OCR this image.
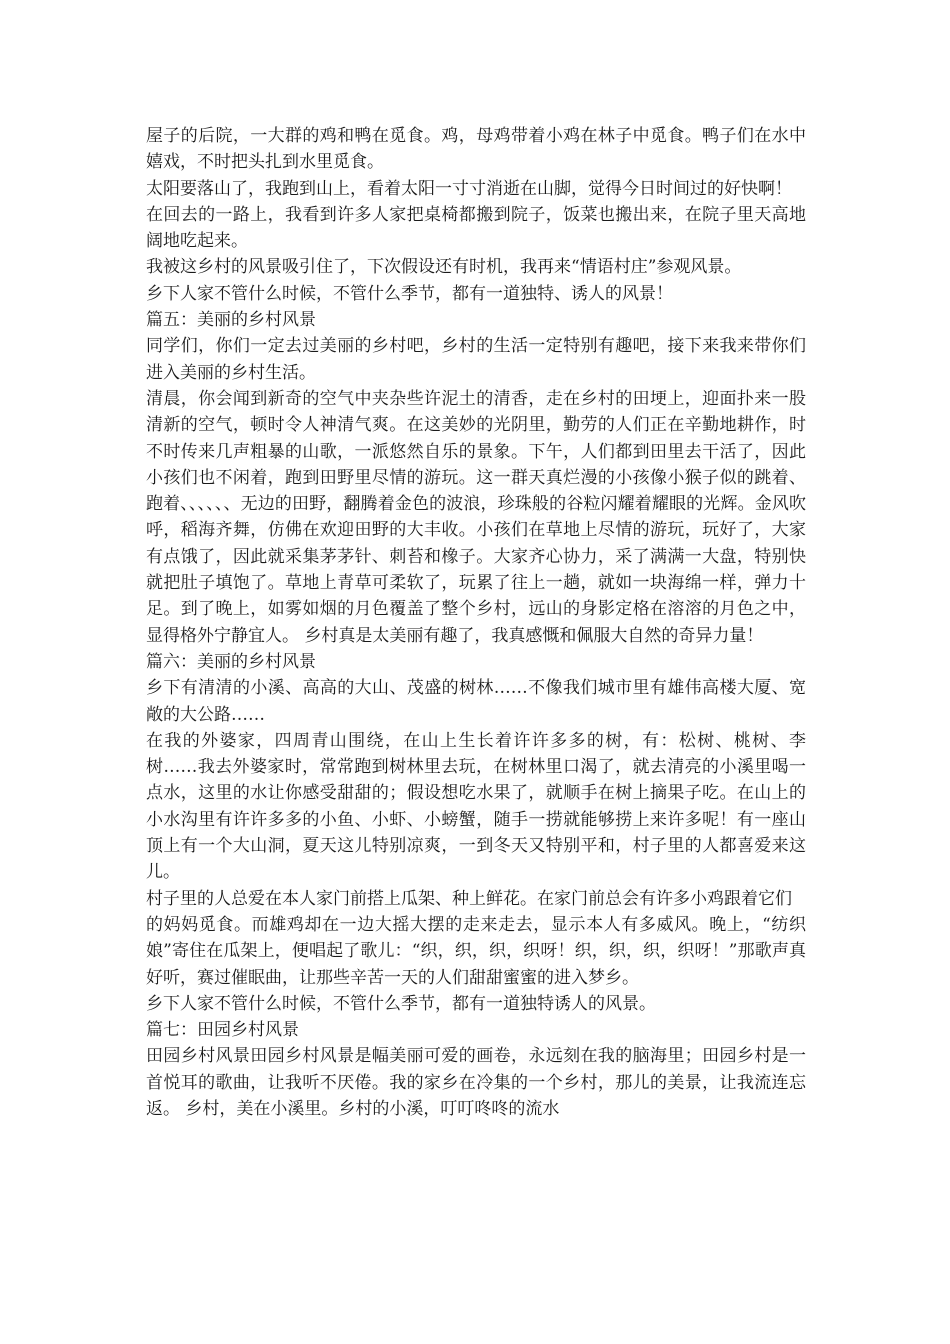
屋子的后院，一大群的鸡和鸭在觅食。鸡，母鸡带着小鸡在林子中觅食。鸭子们在水中嬉戏，不时把头扎到水里觅食。

太阳要落山了，我跑到山上，看着太阳一寸寸消逝在山脚，觉得今日时间过的好快啊！

在回去的一路上，我看到许多人家把桌椅都搬到院子，饭菜也搬出来，在院子里天高地阔地吃起来。

我被这乡村的风景吸引住了，下次假设还有时机，我再来“情语村庄”参观风景。

乡下人家不管什么时候，不管什么季节，都有一道独特、诱人的风景！

篇五：美丽的乡村风景

同学们，你们一定去过美丽的乡村吧，乡村的生活一定特别有趣吧，接下来我来带你们进入美丽的乡村生活。

清晨，你会闻到新奇的空气中夹杂些许泥土的清香，走在乡村的田埂上，迎面扑来一股清新的空气，顿时令人神清气爽。在这美妙的光阴里，勤劳的人们正在辛勤地耕作，时不时传来几声粗暴的山歌，一派悠然自乐的景象。下午，人们都到田里去干活了，因此小孩们也不闲着，跑到田野里尽情的游玩。这一群天真烂漫的小孩像小猴子似的跳着、跑着、、、、、、无边的田野，翻腾着金色的波浪，珍珠般的谷粒闪耀着耀眼的光辉。金风吹呼，稻海齐舞，仿佛在欢迎田野的大丰收。小孩们在草地上尽情的游玩，玩好了，大家有点饿了，因此就采集茅茅针、刺苔和橡子。大家齐心协力，采了满满一大盘，特别快就把肚子填饱了。草地上青草可柔软了，玩累了往上一趟，就如一块海绵一样，弹力十足。到了晚上，如雾如烟的月色覆盖了整个乡村，远山的身影定格在溶溶的月色之中，显得格外宁静宜人。 乡村真是太美丽有趣了，我真感慨和佩服大自然的奇异力量！

篇六：美丽的乡村风景

乡下有清清的小溪、高高的大山、茂盛的树林……不像我们城市里有雄伟高楼大厦、宽敞的大公路……

在我的外婆家，四周青山围绕，在山上生长着许许多多的树，有：松树、桃树、李树……我去外婆家时，常常跑到树林里去玩，在树林里口渴了，就去清亮的小溪里喝一点水，这里的水让你感受甜甜的；假设想吃水果了，就顺手在树上摘果子吃。在山上的小水沟里有许许多多的小鱼、小虾、小螃蟹，随手一捞就能够捞上来许多呢！有一座山顶上有一个大山洞，夏天这儿特别凉爽，一到冬天又特别平和，村子里的人都喜爱来这儿。

村子里的人总爱在本人家门前搭上瓜架、种上鲜花。在家门前总会有许多小鸡跟着它们

的妈妈觅食。而雄鸡却在一边大摇大摆的走来走去，显示本人有多威风。晚上，“纺织娘”寄住在瓜架上，便唱起了歌儿：“织，织，织，织呀！织，织，织，织呀！”那歌声真好听，赛过催眠曲，让那些辛苦一天的人们甜甜蜜蜜的进入梦乡。

乡下人家不管什么时候，不管什么季节，都有一道独特诱人的风景。

篇七：田园乡村风景

田园乡村风景田园乡村风景是幅美丽可爱的画卷，永远刻在我的脑海里；田园乡村是一首悦耳的歌曲，让我听不厌倦。我的家乡在冷集的一个乡村，那儿的美景，让我流连忘返。 乡村，美在小溪里。乡村的小溪，叮叮咚咚的流水
